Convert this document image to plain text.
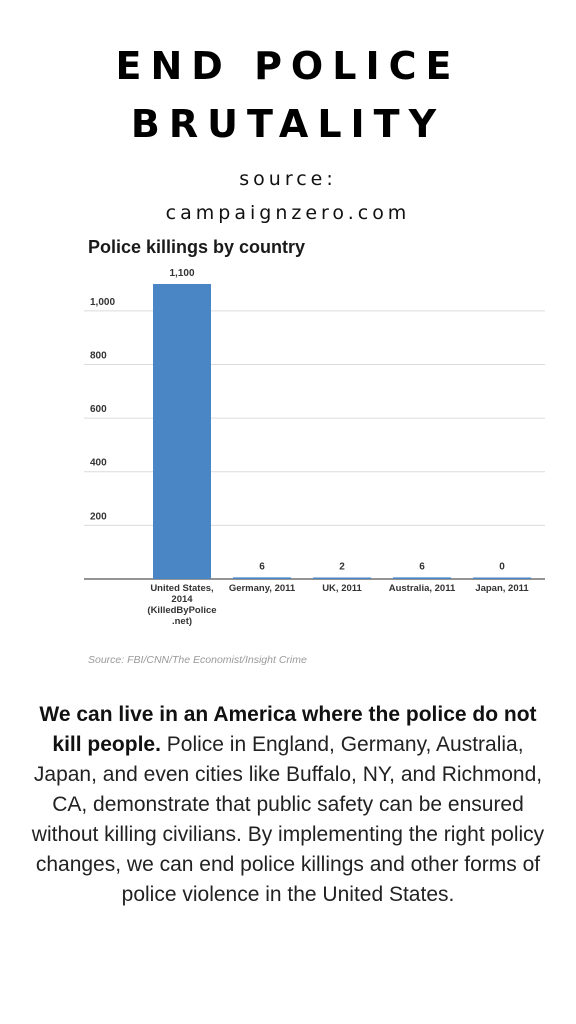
END POLICE
BRUTALITY
source:
campaignzero.com
Police killings by country
200
400
600
800
1,000
1,100
United States, 2014 (KilledByPolice .net)
6
Germany, 2011
2
UK, 2011
6
Australia, 2011
0
Japan, 2011
Source: FBI/CNN/The Economist/Insight Crime

We can live in an America where the police do not kill people. Police in England, Germany, Australia, Japan, and even cities like Buffalo, NY, and Richmond, CA, demonstrate that public safety can be ensured without killing civilians. By implementing the right policy changes, we can end police killings and other forms of police violence in the United States.
